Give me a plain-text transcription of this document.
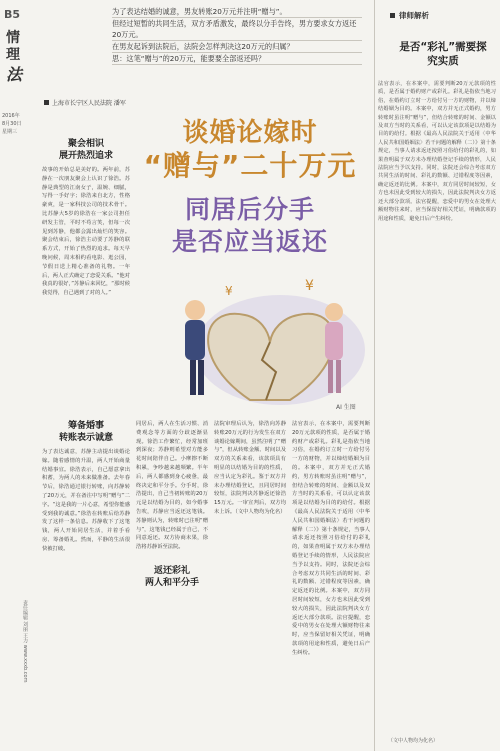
B5
情理
法
2016年
8月30日
星期三
责任编辑 刘丽 王力 www.xxxb.com
为了表达结婚的诚意，男友转账20万元并注明“赠与”。
但经过短暂的共同生活，双方矛盾激发，最终以分手告终，男方要求女方返还20万元。
在男友起诉到法院后，法院会怎样判决这20万元的归属？
思：这笔“赠与”的20万元，能要要全部返还吗？
上海市长宁区人民法院 潘军
律师解析
是否“彩礼”需要探究实质
法官表示，在本案中，需要判断20万元款项的性质，是否属于婚约财产或彩礼。彩礼是指依当地习俗，在婚约订立时一方给付另一方的财物，并以缔结婚姻为目的。本案中，双方并无正式婚约，男方转账时虽注明“赠与”，但结合转账的时间、金额以及双方当时的关系看，可以认定该款项是以结婚为目的的给付。根据《最高人民法院关于适用〈中华人民共和国婚姻法〉若干问题的解释（二）》第十条规定，当事人请求返还按照习俗给付的彩礼的，如果查明属于双方未办理结婚登记手续的情形，人民法院应当予以支持。同时，法院还会综合考虑双方共同生活的时间、彩礼的数额、过错程度等因素，确定返还的比例。本案中，双方同居时间较短，女方也未因此受到较大的损失，因此法院判决女方返还大部分款项。法官提醒，恋爱中的男女在处理大额财物往来时，应当保留好相关凭证，明确款项的用途和性质，避免日后产生纠纷。
谈婚论嫁时
“赠与”二十万元
同居后分手
是否应当返还
¥
¥
AI 生图
聚会相识
展开热烈追求
故事的开始总是美好的。两年前，苏静在一次朋友聚会上认识了徐浩。苏静是典型的江南女子，温婉、细腻，写得一手好字；徐浩来自北方，性格豪爽，是一家科技公司的技术骨干。比苏静大5岁的徐浩在一家公司担任研发主管，平时不苟言笑，但每一次见到苏静，他都会露出灿烂的笑容。聚会结束后，徐浩主动要了苏静的联系方式，开始了热烈的追求。每天早晚问候，周末相约看电影、逛公园，节假日送上精心准备的礼物。一年后，两人正式确定了恋爱关系。“他对我真的很好，”苏静后来回忆，“那时候我觉得，自己遇到了对的人。”
筹备婚事
转账表示诚意
为了表达诚意，苏静主动提出谈婚论嫁。随着感情的升温，两人开始商量结婚事宜。徐浩表示，自己愿意拿出积蓄，为两人的未来做准备。去年春节后，徐浩通过银行转账，向苏静转了20万元，并在备注中写明“赠与”二字。“这是我的一片心意，希望你能感受到我的诚意。”徐浩在转账后给苏静发了这样一条信息。苏静收下了这笔钱，两人开始同居生活，并着手看房、筹备婚礼。然而，平静的生活很快被打破。
同居后，两人在生活习惯、消费观念等方面的分歧逐渐显现。徐浩工作繁忙，经常加班到深夜；苏静则希望对方能多花时间陪伴自己。小摩擦不断积累，争吵越来越频繁。半年后，两人都感到身心疲惫，最终决定和平分手。分手时，徐浩提出，自己当初转账的20万元是以结婚为目的，如今婚事告吹，苏静应当返还这笔钱。苏静则认为，转账时已注明“赠与”，这笔钱已经属于自己，不同意返还。双方协商未果，徐浩将苏静诉至法院。
返还彩礼
两人和平分手
法院审理后认为，徐浩向苏静转账20万元的行为发生在双方谈婚论嫁期间，虽然注明了“赠与”，但从转账金额、时间以及双方的关系来看，该款项具有明显的以结婚为目的的性质，应当认定为彩礼。鉴于双方并未办理结婚登记，且同居时间较短，法院判决苏静返还徐浩15万元。一审宣判后，双方均未上诉。（文中人物均为化名）
法官表示，在本案中，需要判断20万元款项的性质，是否属于婚约财产或彩礼。彩礼是指依当地习俗，在婚约订立时一方给付另一方的财物，并以缔结婚姻为目的。本案中，双方并无正式婚约，男方转账时虽注明“赠与”，但结合转账的时间、金额以及双方当时的关系看，可以认定该款项是以结婚为目的的给付。根据《最高人民法院关于适用〈中华人民共和国婚姻法〉若干问题的解释（二）》第十条规定，当事人请求返还按照习俗给付的彩礼的，如果查明属于双方未办理结婚登记手续的情形，人民法院应当予以支持。同时，法院还会综合考虑双方共同生活的时间、彩礼的数额、过错程度等因素，确定返还的比例。本案中，双方同居时间较短，女方也未因此受到较大的损失，因此法院判决女方返还大部分款项。法官提醒，恋爱中的男女在处理大额财物往来时，应当保留好相关凭证，明确款项的用途和性质，避免日后产生纠纷。
（文中人物均为化名）
